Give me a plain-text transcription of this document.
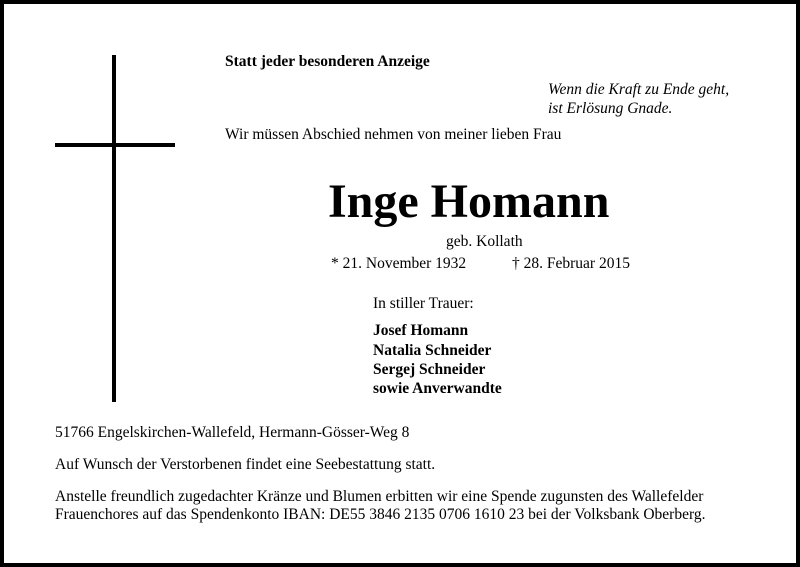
Statt jeder besonderen Anzeige
Wenn die Kraft zu Ende geht,
ist Erlösung Gnade.
Wir müssen Abschied nehmen von meiner lieben Frau
Inge Homann
geb. Kollath
* 21. November 1932	† 28. Februar 2015
In stiller Trauer:
Josef Homann
Natalia Schneider
Sergej Schneider
sowie Anverwandte
51766 Engelskirchen-Wallefeld, Hermann-Gösser-Weg 8
Auf Wunsch der Verstorbenen findet eine Seebestattung statt.
Anstelle freundlich zugedachter Kränze und Blumen erbitten wir eine Spende zugunsten des Wallefelder
Frauenchores auf das Spendenkonto IBAN: DE55 3846 2135 0706 1610 23 bei der Volksbank Oberberg.
